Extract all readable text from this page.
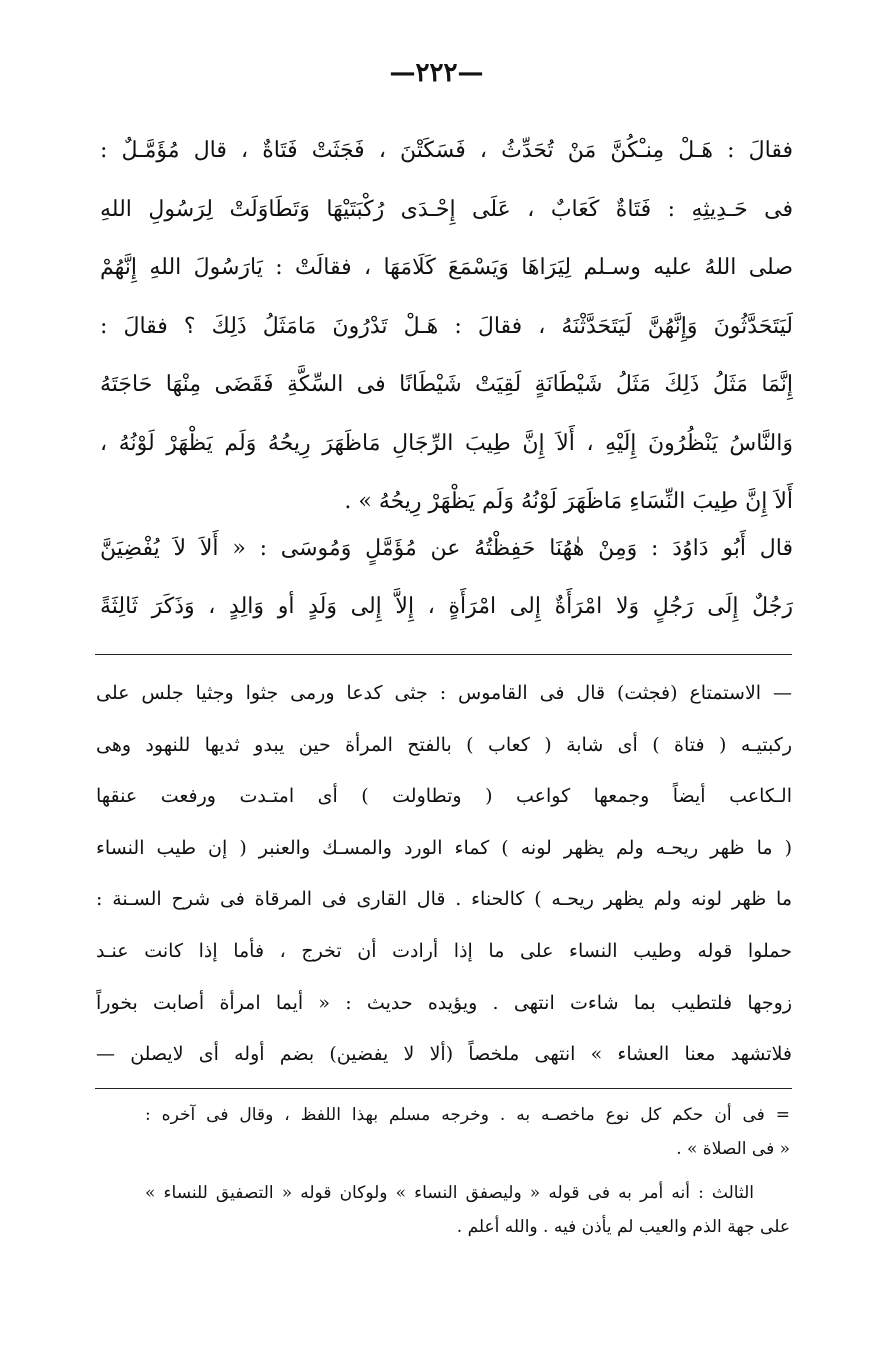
—٢٢٢—
فقالَ : هَـلْ مِنـْكُنَّ مَنْ تُحَدِّثُ ، فَسَكَتْنَ ، فَجَثَتْ فَتَاةٌ ، قال مُؤَمَّـلٌ :
فى حَـدِيثِهِ : فَتَاةٌ كَعَابٌ ، عَلَى إِحْـدَى رُكْبَتَيْهَا وَتَطَاوَلَتْ لِرَسُولِ اللهِ
صلى اللهُ عليه وسـلم لِيَرَاهَا وَيَسْمَعَ كَلَامَهَا ، فقالَتْ : يَارَسُولَ اللهِ إِنَّهُمْ
لَيَتَحَدَّثُونَ وَإِنَّهُنَّ لَيَتَحَدَّثْنَهُ ، فقالَ : هَـلْ تَدْرُونَ مَامَثَلُ ذَلِكَ ؟ فقالَ :
إِنَّمَا مَثَلُ ذَلِكَ مَثَلُ شَيْطَانَةٍ لَقِيَتْ شَيْطَانًا فى السِّكَّةِ فَقَضَى مِنْهَا حَاجَتَهُ
وَالنَّاسُ يَنْظُرُونَ إِلَيْهِ ، أَلاَ إِنَّ طِيبَ الرِّجَالِ مَاظَهَرَ رِيحُهُ وَلَم يَظْهَرْ لَوْنُهُ ،
أَلاَ إِنَّ طِيبَ النِّسَاءِ مَاظَهَرَ لَوْنُهُ وَلَم يَظْهَرْ رِيحُهُ » .
قال أَبُو دَاوُدَ : وَمِنْ هٰهُنَا حَفِظْتُهُ عن مُؤَمَّلٍ وَمُوسَى : « أَلاَ لاَ يُفْضِيَنَّ
رَجُلٌ إِلَى رَجُلٍ وَلا امْرَأَةٌ إِلى امْرَأَةٍ ، إِلاَّ إِلى وَلَدٍ أو وَالِدٍ ، وَذَكَرَ ثَالِثَةً
— الاستمتاع (فجثت) قال فى القاموس : جثى كدعا ورمى جثوا وجثيا جلس على
ركبتيـه ( فتاة ) أى شابة ( كعاب ) بالفتح المرأة حين يبدو ثديها للنهود وهى
الـكاعب أيضاً وجمعها كواعب ( وتطاولت ) أى امتـدت ورفعت عنقها
( ما ظهر ريحـه ولم يظهر لونه ) كماء الورد والمسـك والعنبر ( إن طيب النساء
ما ظهر لونه ولم يظهر ريحـه ) كالحناء . قال القارى فى المرقاة فى شرح السـنة :
حملوا قوله وطيب النساء على ما إذا أرادت أن تخرج ، فأما إذا كانت عنـد
زوجها فلتطيب بما شاءت انتهى . ويؤيده حديث : « أيما امرأة أصابت بخوراً
فلاتشهد معنا العشاء » انتهى ملخصاً (ألا لا يفضين) بضم أوله أى لايصلن —
= فى أن حكم كل نوع ماخصـه به . وخرجه مسلم بهذا اللفظ ، وقال فى آخره :
« فى الصلاة » .
الثالث : أنه أمر به فى قوله « وليصفق النساء » ولوكان قوله « التصفيق للنساء »
على جهة الذم والعيب لم يأذن فيه . والله أعلم .
